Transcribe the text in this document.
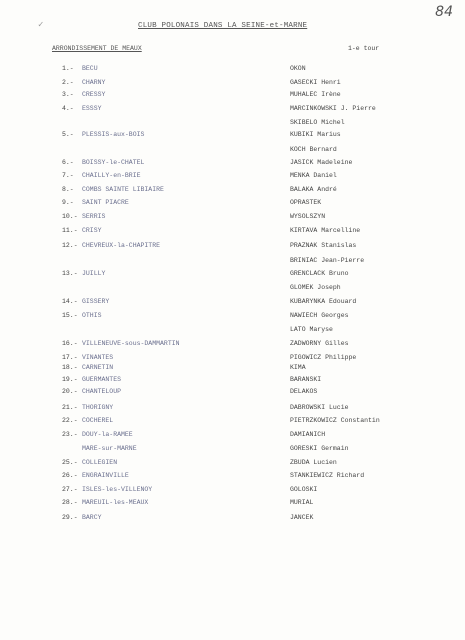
✓
84
CLUB POLONAIS DANS LA SEINE-et-MARNE
ARRONDISSEMENT DE MEAUX	1-e tour
1.- BECU	OKON
2.- CHARNY	GASECKI Henri
3.- CRESSY	MUHALEC Irène
4.- ESSSY	MARCINKOWSKI J. Pierre
SKIBELO Michel
5.- PLESSIS-aux-BOIS	KUBIKI Marius
KOCH Bernard
6.- BOISSY-le-CHATEL	JASICK Madeleine
7.- CHAILLY-en-BRIE	MENKA Daniel
8.- COMBS SAINTE LIBIAIRE	BALAKA André
9.- SAINT PIACRE	OPRASTEK
10.- SERRIS	WYSOLSZYN
11.- CRISY	KIRTAVA Marcelline
12.- CHEVREUX-la-CHAPITRE	PRAZNAK Stanislas
BRINIAC Jean-Pierre
13.- JUILLY	GRENCLACK Bruno
GLOMEK Joseph
14.- GISSERY	KUBARYNKA Edouard
15.- OTHIS	NAWIECH Georges
LATO Maryse
16.- VILLENEUVE-sous-DAMMARTIN	ZADWORNY Gilles
17.- VINANTES	PIGOWICZ Philippe
18.- CARNETIN	KIMA
19.- GUERMANTES	BARANSKI
20.- CHANTELOUP	DELAKOS
21.- THORIGNY	DABROWSKI Lucie
22.- COCHEREL	PIETRZKOWICZ Constantin
23.- DOUY-la-RAMEE	DAMIANICH
MARE-sur-MARNE	GORESKI Germain
25.- COLLEGIEN	ZBUDA Lucien
26.- ENGRAINVILLE	STANKIEWICZ Richard
27.- ISLES-les-VILLENOY	GOLOSKI
28.- MAREUIL-les-MEAUX	MURIAL
29.- BARCY	JANCEK
